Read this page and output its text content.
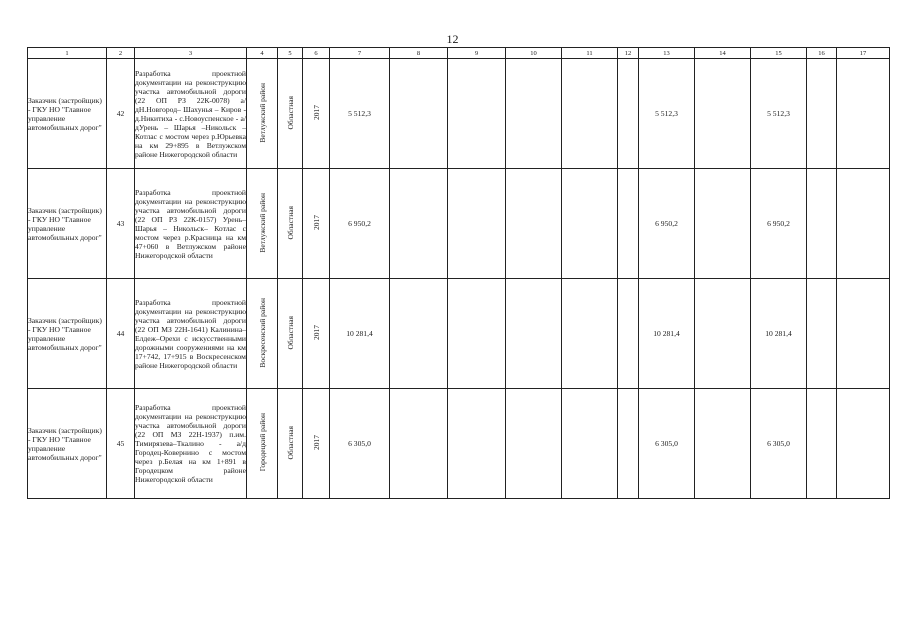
12
1	2	3	4	5	6	7	8	9	10	11	12	13	14	15	16	17
Заказчик (застройщик) - ГКУ НО "Главное управление автомобильных дорог"	42	Разработка проектной документации на реконструкцию участка автомобильной дороги (22 ОП РЗ 22К-0078) а/дН.Новгород– Шахунья – Киров - д.Никитиха - с.Новоуспенское - а/дУрень – Шарья –Никольск – Котлас с мостом через р.Юрьевка на км 29+895 в Ветлужском районе Нижегородской области	Ветлужский район	Областная	2017	5 512,3						5 512,3		5 512,3		
Заказчик (застройщик) - ГКУ НО "Главное управление автомобильных дорог"	43	Разработка проектной документации на реконструкцию участка автомобильной дороги (22 ОП РЗ 22К-0157) Урень– Шарья – Никольск– Котлас с мостом через р.Красница на км 47+060 в Ветлужском районе Нижегородской области	Ветлужский район	Областная	2017	6 950,2						6 950,2		6 950,2		
Заказчик (застройщик) - ГКУ НО "Главное управление автомобильных дорог"	44	Разработка проектной документации на реконструкцию участка автомобильной дороги (22 ОП МЗ 22Н-1641) Калинина–Елдеж–Орехи с искусственными дорожными сооружениями на км 17+742, 17+915 в Воскресенском районе Нижегородской области	Воскресенский район	Областная	2017	10 281,4						10 281,4		10 281,4		
Заказчик (застройщик) - ГКУ НО "Главное управление автомобильных дорог"	45	Разработка проектной документации на реконструкцию участка автомобильной дороги (22 ОП МЗ 22Н-1937) п.им. Тимирязева–Ткалино - а/д Городец-Ковернино с мостом через р.Белая на км 1+891 в Городецком районе Нижегородской области	Городецкий район	Областная	2017	6 305,0						6 305,0		6 305,0		
